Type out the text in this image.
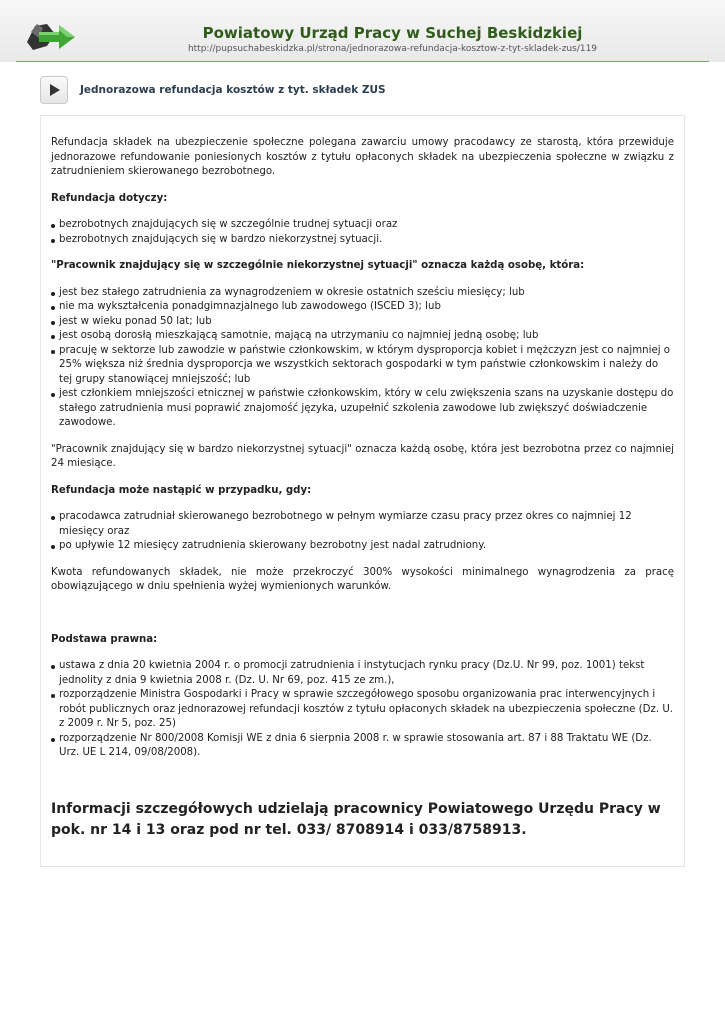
Powiatowy Urząd Pracy w Suchej Beskidzkiej
http://pupsuchabeskidzka.pl/strona/jednorazowa-refundacja-kosztow-z-tyt-skladek-zus/119
Jednorazowa refundacja kosztów z tyt. składek ZUS

Refundacja składek na ubezpieczenie społeczne polegana zawarciu umowy pracodawcy ze starostą, która przewiduje jednorazowe refundowanie poniesionych kosztów z tytułu opłaconych składek na ubezpieczenia społeczne w związku z zatrudnieniem skierowanego bezrobotnego.

Refundacja dotyczy:

bezrobotnych znajdujących się w szczególnie trudnej sytuacji oraz
bezrobotnych znajdujących się w bardzo niekorzystnej sytuacji.

"Pracownik znajdujący się w szczególnie niekorzystnej sytuacji" oznacza każdą osobę, która:

jest bez stałego zatrudnienia za wynagrodzeniem w okresie ostatnich sześciu miesięcy; lub
nie ma wykształcenia ponadgimnazjalnego lub zawodowego (ISCED 3); lub
jest w wieku ponad 50 lat; lub
jest osobą dorosłą mieszkającą samotnie, mającą na utrzymaniu co najmniej jedną osobę; lub
pracuję w sektorze lub zawodzie w państwie członkowskim, w którym dysproporcja kobiet i mężczyzn jest co najmniej o 25% większa niż średnia dysproporcja we wszystkich sektorach gospodarki w tym państwie członkowskim i należy do tej grupy stanowiącej mniejszość; lub
jest członkiem mniejszości etnicznej w państwie członkowskim, który w celu zwiększenia szans na uzyskanie dostępu do stałego zatrudnienia musi poprawić znajomość języka, uzupełnić szkolenia zawodowe lub zwiększyć doświadczenie zawodowe.

"Pracownik znajdujący się w bardzo niekorzystnej sytuacji" oznacza każdą osobę, która jest bezrobotna przez co najmniej 24 miesiące.

Refundacja może nastąpić w przypadku, gdy:

pracodawca zatrudniał skierowanego bezrobotnego w pełnym wymiarze czasu pracy przez okres co najmniej 12 miesięcy oraz
po upływie 12 miesięcy zatrudnienia skierowany bezrobotny jest nadal zatrudniony.

Kwota refundowanych składek, nie może przekroczyć 300% wysokości minimalnego wynagrodzenia za pracę obowiązującego w dniu spełnienia wyżej wymienionych warunków.

Podstawa prawna:

ustawa z dnia 20 kwietnia 2004 r. o promocji zatrudnienia i instytucjach rynku pracy (Dz.U. Nr 99, poz. 1001) tekst jednolity z dnia 9 kwietnia 2008 r. (Dz. U. Nr 69, poz. 415 ze zm.),
rozporządzenie Ministra Gospodarki i Pracy w sprawie szczegółowego sposobu organizowania prac interwencyjnych i robót publicznych oraz jednorazowej refundacji kosztów z tytułu opłaconych składek na ubezpieczenia społeczne (Dz. U. z 2009 r. Nr 5, poz. 25)
rozporządzenie Nr 800/2008 Komisji WE z dnia 6 sierpnia 2008 r. w sprawie stosowania art. 87 i 88 Traktatu WE (Dz. Urz. UE L 214, 09/08/2008).

Informacji szczegółowych udzielają pracownicy Powiatowego Urzędu Pracy w pok. nr 14 i 13 oraz pod nr tel. 033/ 8708914 i 033/8758913.
